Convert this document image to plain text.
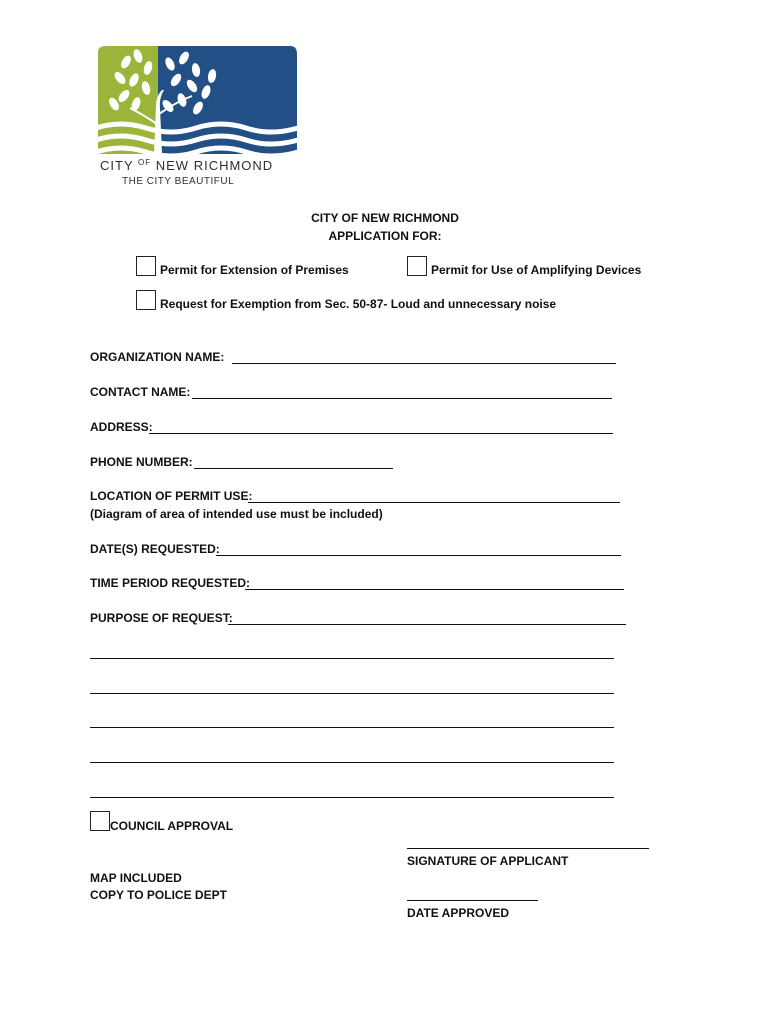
CITY $^{OF}$ NEW RICHMOND
THE CITY BEAUTIFUL
CITY OF NEW RICHMOND
APPLICATION FOR:
Permit for Extension of Premises	Permit for Use of Amplifying Devices
Request for Exemption from Sec. 50-87- Loud and unnecessary noise
ORGANIZATION NAME:
CONTACT NAME:
ADDRESS:
PHONE NUMBER:
LOCATION OF PERMIT USE:
(Diagram of area of intended use must be included)
DATE(S) REQUESTED:
TIME PERIOD REQUESTED:
PURPOSE OF REQUEST:
COUNCIL APPROVAL
SIGNATURE OF APPLICANT
MAP INCLUDED
COPY TO POLICE DEPT
DATE APPROVED
